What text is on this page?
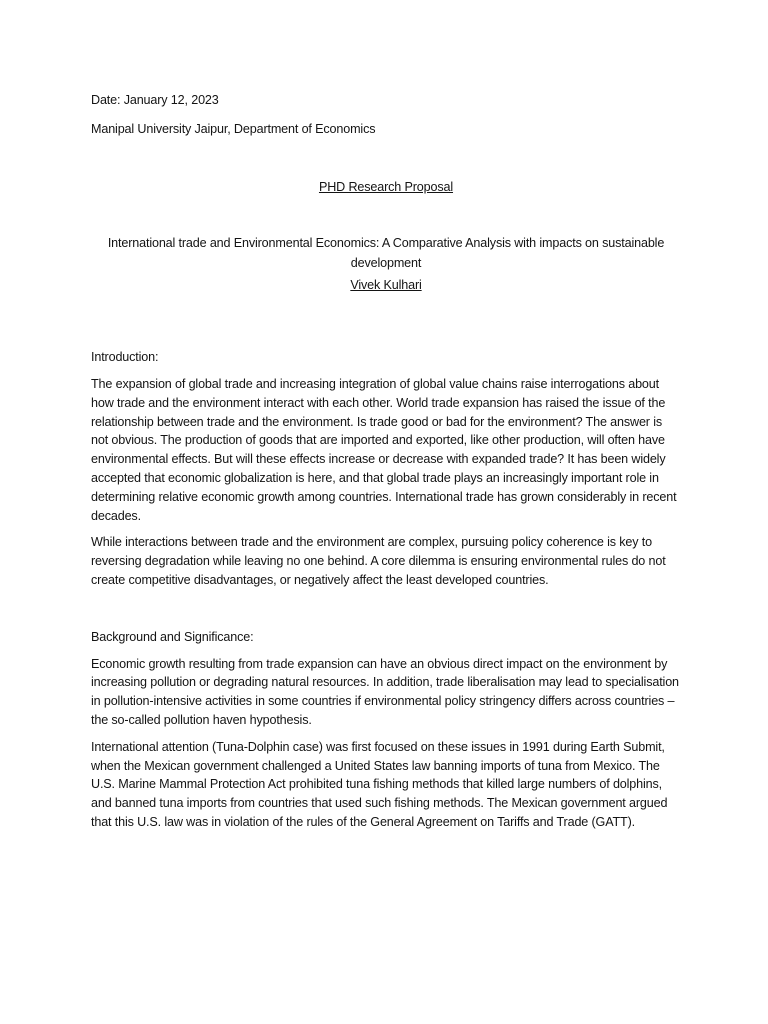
Date: January 12, 2023

Manipal University Jaipur, Department of Economics

PHD Research Proposal
International trade and Environmental Economics: A Comparative Analysis with impacts on sustainable development
Vivek Kulhari

Introduction:

The expansion of global trade and increasing integration of global value chains raise interrogations about how trade and the environment interact with each other. World trade expansion has raised the issue of the relationship between trade and the environment. Is trade good or bad for the environment? The answer is not obvious. The production of goods that are imported and exported, like other production, will often have environmental effects. But will these effects increase or decrease with expanded trade? It has been widely accepted that economic globalization is here, and that global trade plays an increasingly important role in determining relative economic growth among countries. International trade has grown considerably in recent decades.

While interactions between trade and the environment are complex, pursuing policy coherence is key to reversing degradation while leaving no one behind. A core dilemma is ensuring environmental rules do not create competitive disadvantages, or negatively affect the least developed countries.

Background and Significance:

Economic growth resulting from trade expansion can have an obvious direct impact on the environment by increasing pollution or degrading natural resources. In addition, trade liberalisation may lead to specialisation in pollution-intensive activities in some countries if environmental policy stringency differs across countries – the so-called pollution haven hypothesis.

International attention (Tuna-Dolphin case) was first focused on these issues in 1991 during Earth Submit, when the Mexican government challenged a United States law banning imports of tuna from Mexico. The U.S. Marine Mammal Protection Act prohibited tuna fishing methods that killed large numbers of dolphins, and banned tuna imports from countries that used such fishing methods. The Mexican government argued that this U.S. law was in violation of the rules of the General Agreement on Tariffs and Trade (GATT).
